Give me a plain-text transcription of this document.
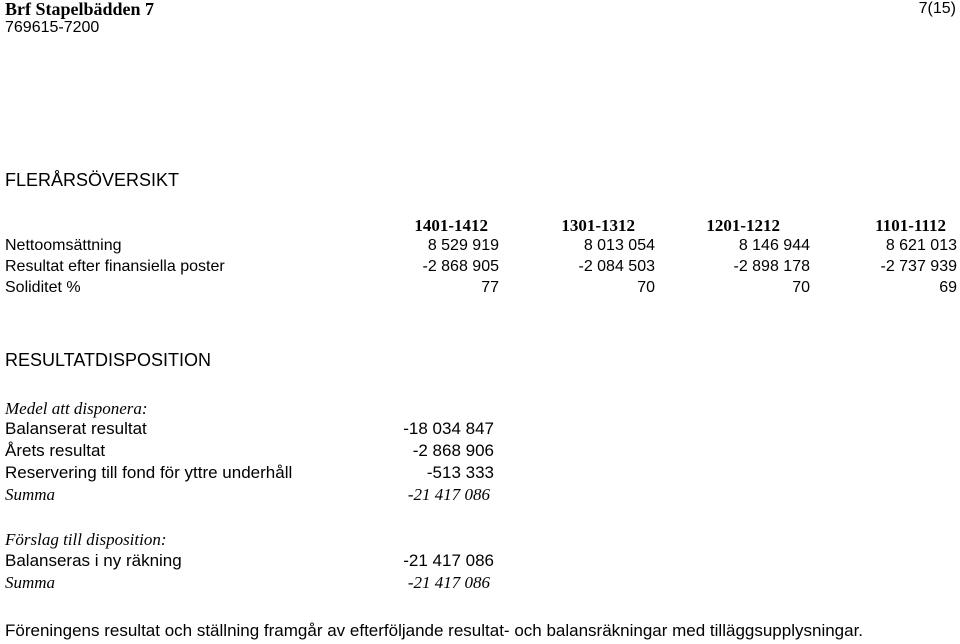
Brf Stapelbädden 7
769615-7200
7(15)
FLERÅRSÖVERSIKT
1401-1412	1301-1312	1201-1212	1101-1112
Nettoomsättning	8 529 919	8 013 054	8 146 944	8 621 013
Resultat efter finansiella poster	-2 868 905	-2 084 503	-2 898 178	-2 737 939
Soliditet %	77	70	70	69
RESULTATDISPOSITION
Medel att disponera:
Balanserat resultat	-18 034 847
Årets resultat	-2 868 906
Reservering till fond för yttre underhåll	-513 333
Summa	-21 417 086
Förslag till disposition:
Balanseras i ny räkning	-21 417 086
Summa	-21 417 086
Föreningens resultat och ställning framgår av efterföljande resultat- och balansräkningar med tilläggsupplysningar.
